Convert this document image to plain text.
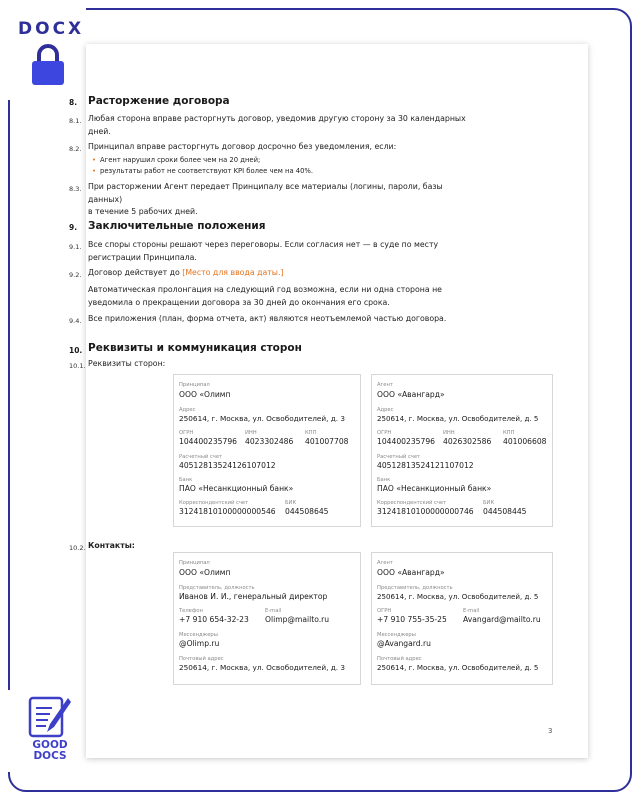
DOCX
GOOD
DOCS
8. Расторжение договора
8.1. Любая сторона вправе расторгнуть договор, уведомив другую сторону за 30 календарных
дней.
8.2. Принципал вправе расторгнуть договор досрочно без уведомления, если:
• Агент нарушил сроки более чем на 20 дней;
• результаты работ не соответствуют KPI более чем на 40%.
8.3. При расторжении Агент передает Принципалу все материалы (логины, пароли, базы данных)
в течение 5 рабочих дней.
9. Заключительные положения
9.1. Все споры стороны решают через переговоры. Если согласия нет — в суде по месту
регистрации Принципала.
9.2. Договор действует до [Место для ввода даты.]
Автоматическая пролонгация на следующий год возможна, если ни одна сторона не
уведомила о прекращении договора за 30 дней до окончания его срока.
9.4. Все приложения (план, форма отчета, акт) являются неотъемлемой частью договора.
10. Реквизиты и коммуникация сторон
10.1. Реквизиты сторон:
Принципал
ООО «Олимп
Адрес
250614, г. Москва, ул. Освободителей, д. 3
ОГРН
104400235796
ИНН
4023302486
КПП
401007708
Расчетный счет
40512813524126107012
Банк
ПАО «Несанкционный банк»
Корреспондентский счет
31241810100000000546
БИК
044508645
Агент
ООО «Авангард»
Адрес
250614, г. Москва, ул. Освободителей, д. 5
ОГРН
104400235796
ИНН
4026302586
КПП
401006608
Расчетный счет
40512813524121107012
Банк
ПАО «Несанкционный банк»
Корреспондентский счет
31241810100000000746
БИК
044508445
10.2. Контакты:
Принципал
ООО «Олимп
Представитель, должность
Иванов И. И., генеральный директор
Телефон
+7 910 654-32-23
E-mail
Olimp@mailto.ru
Мессенджеры
@Olimp.ru
Почтовый адрес
250614, г. Москва, ул. Освободителей, д. 3
Агент
ООО «Авангард»
Представитель, должность
250614, г. Москва, ул. Освободителей, д. 5
ОГРН
+7 910 755-35-25
E-mail
Avangard@mailto.ru
Мессенджеры
@Avangard.ru
Почтовый адрес
250614, г. Москва, ул. Освободителей, д. 5
3
